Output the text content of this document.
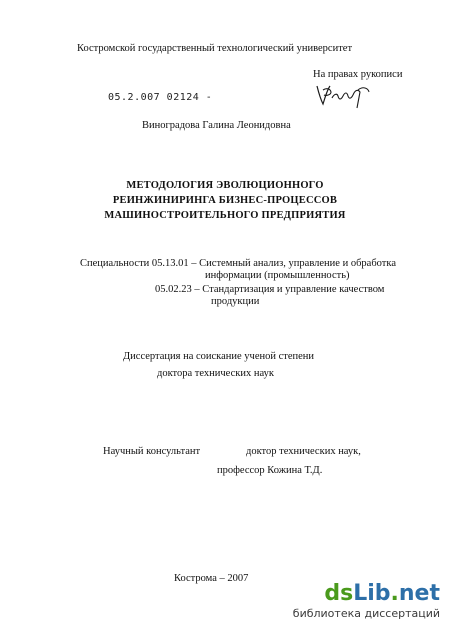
Костромской государственный технологический университет
На правах рукописи
05.2.007 02124 -
Виноградова Галина Леонидовна
МЕТОДОЛОГИЯ ЭВОЛЮЦИОННОГО
РЕИНЖИНИРИНГА БИЗНЕС-ПРОЦЕССОВ
МАШИНОСТРОИТЕЛЬНОГО ПРЕДПРИЯТИЯ
Специальности 05.13.01 – Системный анализ, управление и обработка
информации (промышленность)
05.02.23 – Стандартизация и управление качеством
продукции
Диссертация на соискание ученой степени
доктора технических наук
Научный консультант	доктор технических наук,
профессор Кожина Т.Д.
Кострома – 2007
dsLib.net
библиотека диссертаций
